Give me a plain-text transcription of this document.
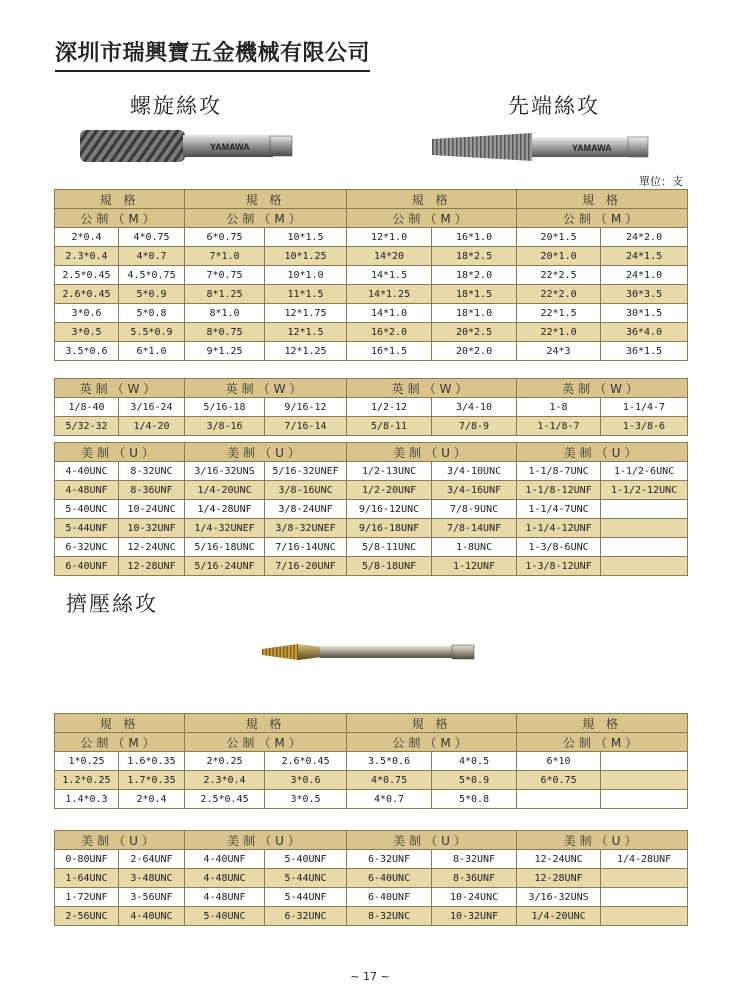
深圳市瑞興寶五金機械有限公司
螺旋絲攻	先端絲攻
YAMAWA	YAMAWA
單位：支
規 格		規 格		規 格		規 格	
公制（M）		公制（M）		公制（M）		公制（M）	
2*0.4	4*0.75	6*0.75	10*1.5	12*1.0	16*1.0	20*1.5	24*2.0
2.3*0.4	4*0.7	7*1.0	10*1.25	14*20	18*2.5	20*1.0	24*1.5
2.5*0.45	4.5*0.75	7*0.75	10*1.0	14*1.5	18*2.0	22*2.5	24*1.0
2.6*0.45	5*0.9	8*1.25	11*1.5	14*1.25	18*1.5	22*2.0	30*3.5
3*0.6	5*0.8	8*1.0	12*1.75	14*1.0	18*1.0	22*1.5	30*1.5
3*0.5	5.5*0.9	8*0.75	12*1.5	16*2.0	20*2.5	22*1.0	36*4.0
3.5*0.6	6*1.0	9*1.25	12*1.25	16*1.5	20*2.0	24*3	36*1.5
英制（W）		英制（W）		英制（W）		英制（W）	
1/8-40	3/16-24	5/16-18	9/16-12	1/2-12	3/4-10	1-8	1-1/4-7
5/32-32	1/4-20	3/8-16	7/16-14	5/8-11	7/8-9	1-1/8-7	1-3/8-6
美制（U）		美制（U）		美制（U）		美制（U）	
4-40UNC	8-32UNC	3/16-32UNS	5/16-32UNEF	1/2-13UNC	3/4-10UNC	1-1/8-7UNC	1-1/2-6UNC
4-48UNF	8-36UNF	1/4-20UNC	3/8-16UNC	1/2-20UNF	3/4-16UNF	1-1/8-12UNF	1-1/2-12UNC
5-40UNC	10-24UNC	1/4-28UNF	3/8-24UNF	9/16-12UNC	7/8-9UNC	1-1/4-7UNC	
5-44UNF	10-32UNF	1/4-32UNEF	3/8-32UNEF	9/16-18UNF	7/8-14UNF	1-1/4-12UNF	
6-32UNC	12-24UNC	5/16-18UNC	7/16-14UNC	5/8-11UNC	1-8UNC	1-3/8-6UNC	
6-40UNF	12-28UNF	5/16-24UNF	7/16-20UNF	5/8-18UNF	1-12UNF	1-3/8-12UNF	
擠壓絲攻
規 格		規 格		規 格		規 格	
公制（M）		公制（M）		公制（M）		公制（M）	
1*0.25	1.6*0.35	2*0.25	2.6*0.45	3.5*0.6	4*0.5	6*10	
1.2*0.25	1.7*0.35	2.3*0.4	3*0.6	4*0.75	5*0.9	6*0.75	
1.4*0.3	2*0.4	2.5*0.45	3*0.5	4*0.7	5*0.8		
美制（U）		美制（U）		美制（U）		美制（U）	
0-80UNF	2-64UNF	4-40UNF	5-40UNF	6-32UNF	8-32UNF	12-24UNC	1/4-28UNF
1-64UNC	3-48UNC	4-48UNC	5-44UNC	6-40UNC	8-36UNF	12-28UNF	
1-72UNF	3-56UNF	4-48UNF	5-44UNF	6-40UNF	10-24UNC	3/16-32UNS	
2-56UNC	4-40UNC	5-40UNC	6-32UNC	8-32UNC	10-32UNF	1/4-20UNC	
~ 17 ~
